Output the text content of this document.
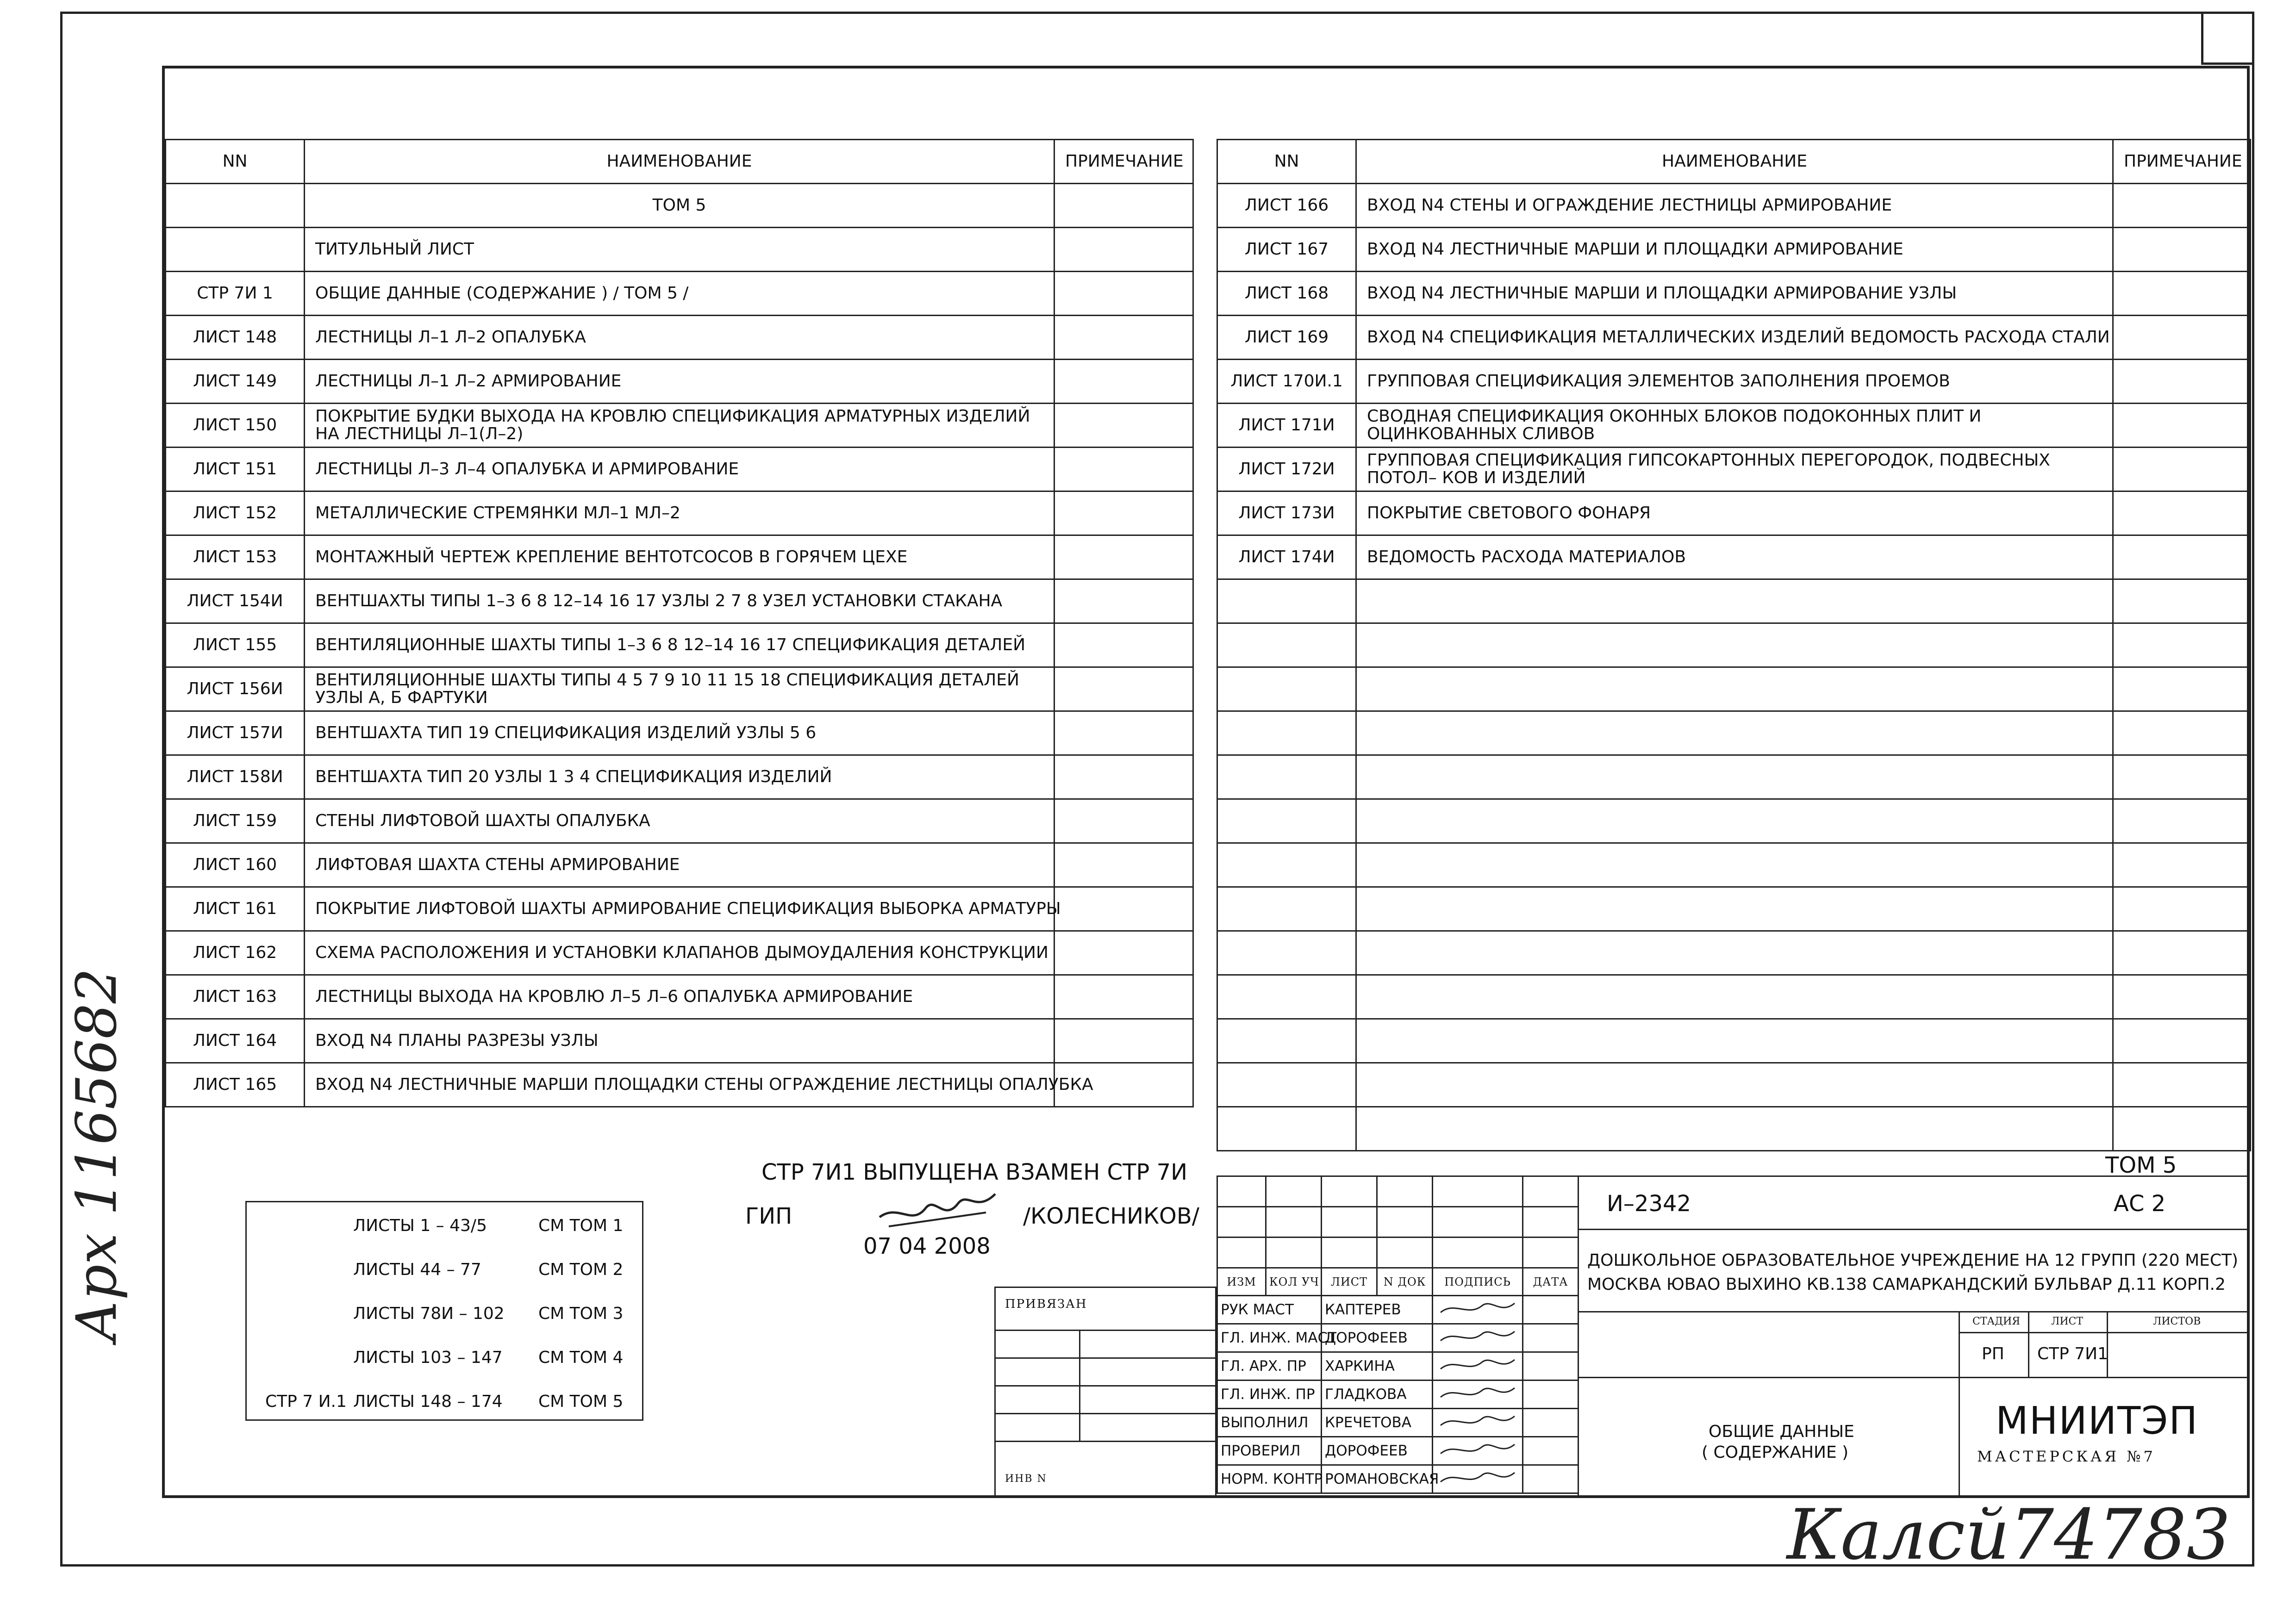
NN	НАИМЕНОВАНИЕ	ПРИМЕЧАНИЕ
	ТОМ 5	
	ТИТУЛЬНЫЙ ЛИСТ	
СТР 7И 1	ОБЩИЕ ДАННЫЕ (СОДЕРЖАНИЕ ) / ТОМ 5 /	
ЛИСТ 148	ЛЕСТНИЦЫ Л–1 Л–2 ОПАЛУБКА	
ЛИСТ 149	ЛЕСТНИЦЫ Л–1 Л–2 АРМИРОВАНИЕ	
ЛИСТ 150	ПОКРЫТИЕ БУДКИ ВЫХОДА НА КРОВЛЮ СПЕЦИФИКАЦИЯ АРМАТУРНЫХ ИЗДЕЛИЙ НА ЛЕСТНИЦЫ Л–1(Л–2)	
ЛИСТ 151	ЛЕСТНИЦЫ Л–3 Л–4 ОПАЛУБКА И АРМИРОВАНИЕ	
ЛИСТ 152	МЕТАЛЛИЧЕСКИЕ СТРЕМЯНКИ МЛ–1 МЛ–2	
ЛИСТ 153	МОНТАЖНЫЙ ЧЕРТЕЖ КРЕПЛЕНИЕ ВЕНТОТСОСОВ В ГОРЯЧЕМ ЦЕХЕ	
ЛИСТ 154И	ВЕНТШАХТЫ ТИПЫ 1–3 6 8 12–14 16 17 УЗЛЫ 2 7 8 УЗЕЛ УСТАНОВКИ СТАКАНА	
ЛИСТ 155	ВЕНТИЛЯЦИОННЫЕ ШАХТЫ ТИПЫ 1–3 6 8 12–14 16 17 СПЕЦИФИКАЦИЯ ДЕТАЛЕЙ	
ЛИСТ 156И	ВЕНТИЛЯЦИОННЫЕ ШАХТЫ ТИПЫ 4 5 7 9 10 11 15 18 СПЕЦИФИКАЦИЯ ДЕТАЛЕЙ УЗЛЫ А, Б ФАРТУКИ	
ЛИСТ 157И	ВЕНТШАХТА ТИП 19 СПЕЦИФИКАЦИЯ ИЗДЕЛИЙ УЗЛЫ 5 6	
ЛИСТ 158И	ВЕНТШАХТА ТИП 20 УЗЛЫ 1 3 4 СПЕЦИФИКАЦИЯ ИЗДЕЛИЙ	
ЛИСТ 159	СТЕНЫ ЛИФТОВОЙ ШАХТЫ ОПАЛУБКА	
ЛИСТ 160	ЛИФТОВАЯ ШАХТА СТЕНЫ АРМИРОВАНИЕ	
ЛИСТ 161	ПОКРЫТИЕ ЛИФТОВОЙ ШАХТЫ АРМИРОВАНИЕ СПЕЦИФИКАЦИЯ ВЫБОРКА АРМАТУРЫ	
ЛИСТ 162	СХЕМА РАСПОЛОЖЕНИЯ И УСТАНОВКИ КЛАПАНОВ ДЫМОУДАЛЕНИЯ КОНСТРУКЦИИ	
ЛИСТ 163	ЛЕСТНИЦЫ ВЫХОДА НА КРОВЛЮ Л–5 Л–6 ОПАЛУБКА АРМИРОВАНИЕ	
ЛИСТ 164	ВХОД N4 ПЛАНЫ РАЗРЕЗЫ УЗЛЫ	
ЛИСТ 165	ВХОД N4 ЛЕСТНИЧНЫЕ МАРШИ ПЛОЩАДКИ СТЕНЫ ОГРАЖДЕНИЕ ЛЕСТНИЦЫ ОПАЛУБКА	
NN	НАИМЕНОВАНИЕ	ПРИМЕЧАНИЕ
ЛИСТ 166	ВХОД N4 СТЕНЫ И ОГРАЖДЕНИЕ ЛЕСТНИЦЫ АРМИРОВАНИЕ	
ЛИСТ 167	ВХОД N4 ЛЕСТНИЧНЫЕ МАРШИ И ПЛОЩАДКИ АРМИРОВАНИЕ	
ЛИСТ 168	ВХОД N4 ЛЕСТНИЧНЫЕ МАРШИ И ПЛОЩАДКИ АРМИРОВАНИЕ УЗЛЫ	
ЛИСТ 169	ВХОД N4 СПЕЦИФИКАЦИЯ МЕТАЛЛИЧЕСКИХ ИЗДЕЛИЙ ВЕДОМОСТЬ РАСХОДА СТАЛИ	
ЛИСТ 170И.1	ГРУППОВАЯ СПЕЦИФИКАЦИЯ ЭЛЕМЕНТОВ ЗАПОЛНЕНИЯ ПРОЕМОВ	
ЛИСТ 171И	СВОДНАЯ СПЕЦИФИКАЦИЯ ОКОННЫХ БЛОКОВ ПОДОКОННЫХ ПЛИТ И ОЦИНКОВАННЫХ СЛИВОВ	
ЛИСТ 172И	ГРУППОВАЯ СПЕЦИФИКАЦИЯ ГИПСОКАРТОННЫХ ПЕРЕГОРОДОК, ПОДВЕСНЫХ ПОТОЛ– КОВ И ИЗДЕЛИЙ	
ЛИСТ 173И	ПОКРЫТИЕ СВЕТОВОГО ФОНАРЯ	
ЛИСТ 174И	ВЕДОМОСТЬ РАСХОДА МАТЕРИАЛОВ	

СТР 7И1 ВЫПУЩЕНА ВЗАМЕН СТР 7И
ГИП	/КОЛЕСНИКОВ/
07 04 2008
ЛИСТЫ 1 – 43/5	СМ ТОМ 1
ЛИСТЫ 44 – 77	СМ ТОМ 2
ЛИСТЫ 78И – 102 СМ ТОМ 3
ЛИСТЫ 103 – 147 СМ ТОМ 4
СТР 7 И.1 ЛИСТЫ 148 – 174 СМ ТОМ 5
Арх 1165682
Калсй74783

ИЗМ	КОЛ УЧ	ЛИСТ	N ДОК	ПОДПИСЬ	ДАТА
РУК МАСТ		КАПТЕРЕВ		
ГЛ. ИНЖ. МАСТ		ДОРОФЕЕВ		
ГЛ. АРХ. ПР		ХАРКИНА		
ГЛ. ИНЖ. ПР		ГЛАДКОВА		
ВЫПОЛНИЛ		КРЕЧЕТОВА		
ПРОВЕРИЛ		ДОРОФЕЕВ		
НОРМ. КОНТР		РОМАНОВСКАЯ		
ПРИВЯЗАН
ИНВ N
ТОМ 5
И–2342	АС 2
ДОШКОЛЬНОЕ ОБРАЗОВАТЕЛЬНОЕ УЧРЕЖДЕНИЕ НА 12 ГРУПП (220 МЕСТ)
МОСКВА ЮВАО ВЫХИНО КВ.138 САМАРКАНДСКИЙ БУЛЬВАР Д.11 КОРП.2
СТАДИЯ	ЛИСТ	ЛИСТОВ
РП СТР 7И1
ОБЩИЕ ДАННЫЕ
( СОДЕРЖАНИЕ )
МНИИТЭП
МАСТЕРСКАЯ №7
